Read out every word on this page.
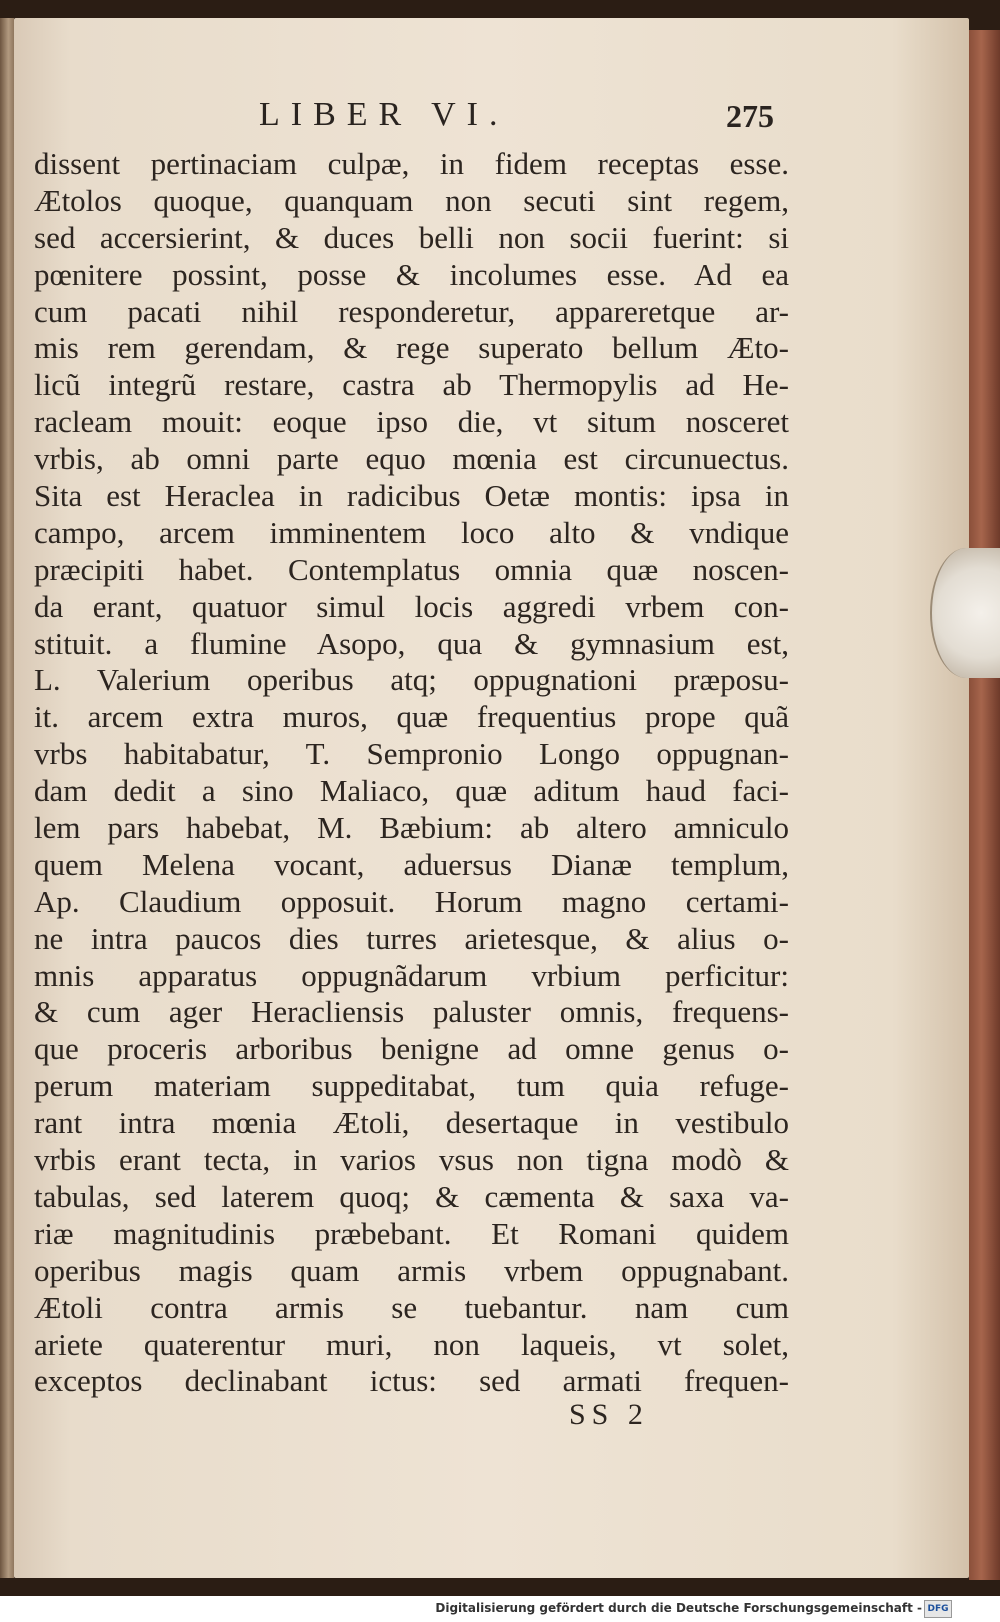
LIBER VI.	275
dissent pertinaciam culpæ, in fidem receptas esse.
Ætolos quoque, quanquam non secuti sint regem,
sed accersierint, & duces belli non socii fuerint: si
pœnitere possint, posse & incolumes esse. Ad ea
cum pacati nihil responderetur, appareretque ar-
mis rem gerendam, & rege superato bellum Æto-
licũ integrũ restare, castra ab Thermopylis ad He-
racleam mouit: eoque ipso die, vt situm nosceret
vrbis, ab omni parte equo mœnia est circunuectus.
Sita est Heraclea in radicibus Oetæ montis: ipsa in
campo, arcem imminentem loco alto & vndique
præcipiti habet. Contemplatus omnia quæ noscen-
da erant, quatuor simul locis aggredi vrbem con-
stituit. a flumine Asopo, qua & gymnasium est,
L. Valerium operibus atq; oppugnationi præposu-
it. arcem extra muros, quæ frequentius prope quã
vrbs habitabatur, T. Sempronio Longo oppugnan-
dam dedit a sino Maliaco, quæ aditum haud faci-
lem pars habebat, M. Bæbium: ab altero amniculo
quem Melena vocant, aduersus Dianæ templum,
Ap. Claudium opposuit. Horum magno certami-
ne intra paucos dies turres arietesque, & alius o-
mnis apparatus oppugnãdarum vrbium perficitur:
& cum ager Heracliensis paluster omnis, frequens-
que proceris arboribus benigne ad omne genus o-
perum materiam suppeditabat, tum quia refuge-
rant intra mœnia Ætoli, desertaque in vestibulo
vrbis erant tecta, in varios vsus non tigna modò &
tabulas, sed laterem quoq; & cæmenta & saxa va-
riæ magnitudinis præbebant. Et Romani quidem
operibus magis quam armis vrbem oppugnabant.
Ætoli contra armis se tuebantur. nam cum
ariete quaterentur muri, non laqueis, vt solet,
exceptos declinabant ictus: sed armati frequen-
SS 2
Digitalisierung gefördert durch die Deutsche Forschungsgemeinschaft - DFG
